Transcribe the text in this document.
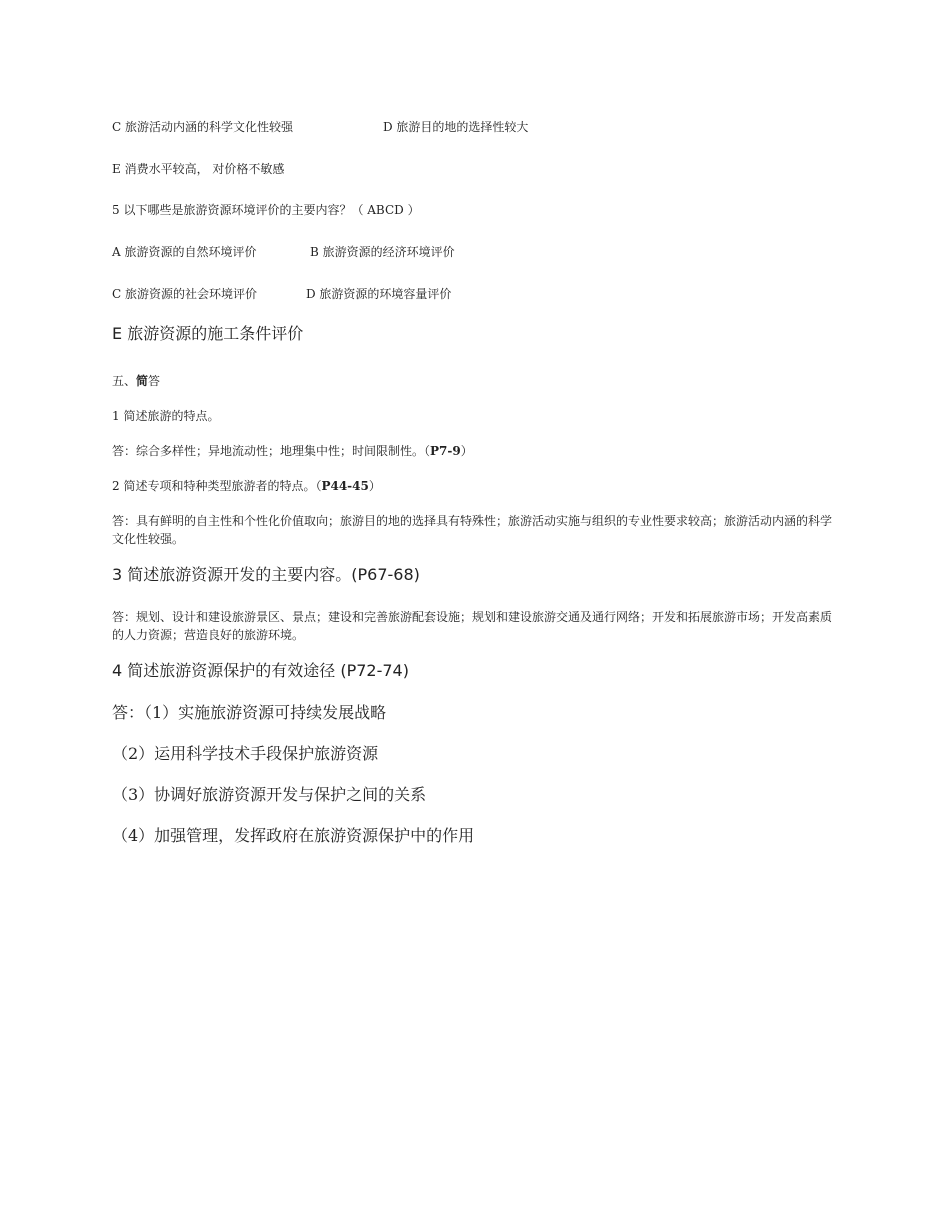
C 旅游活动内涵的科学文化性较强	D 旅游目的地的选择性较大
E 消费水平较高， 对价格不敏感
5 以下哪些是旅游资源环境评价的主要内容？（ ABCD ）
A 旅游资源的自然环境评价	B 旅游资源的经济环境评价
C 旅游资源的社会环境评价	D 旅游资源的环境容量评价
E 旅游资源的施工条件评价
五、简答
1 简述旅游的特点。
答：综合多样性；异地流动性；地理集中性；时间限制性。（P7-9）
2 简述专项和特种类型旅游者的特点。（P44-45）
答：具有鲜明的自主性和个性化价值取向；旅游目的地的选择具有特殊性；旅游活动实施与组织的专业性要求较高；旅游活动内涵的科学文化性较强。
3 简述旅游资源开发的主要内容。(P67-68)
答：规划、设计和建设旅游景区、景点；建设和完善旅游配套设施；规划和建设旅游交通及通行网络；开发和拓展旅游市场；开发高素质的人力资源；营造良好的旅游环境。
4 简述旅游资源保护的有效途径 (P72-74)
答：（1）实施旅游资源可持续发展战略
（2）运用科学技术手段保护旅游资源
（3）协调好旅游资源开发与保护之间的关系
（4）加强管理，发挥政府在旅游资源保护中的作用
